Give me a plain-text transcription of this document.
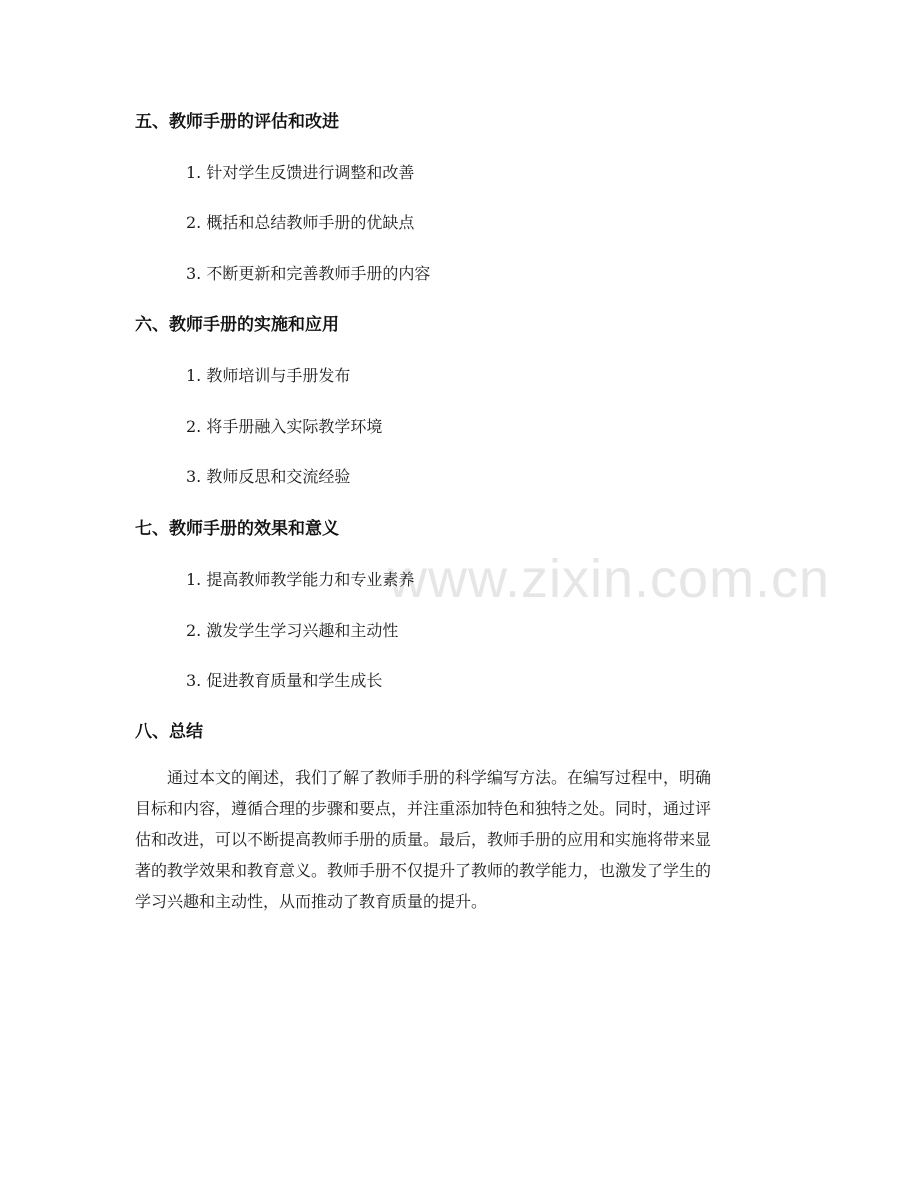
www.zixin.com.cn
五、教师手册的评估和改进
1. 针对学生反馈进行调整和改善
2. 概括和总结教师手册的优缺点
3. 不断更新和完善教师手册的内容
六、教师手册的实施和应用
1. 教师培训与手册发布
2. 将手册融入实际教学环境
3. 教师反思和交流经验
七、教师手册的效果和意义
1. 提高教师教学能力和专业素养
2. 激发学生学习兴趣和主动性
3. 促进教育质量和学生成长
八、总结
通过本文的阐述，我们了解了教师手册的科学编写方法。在编写过程中，明确
目标和内容，遵循合理的步骤和要点，并注重添加特色和独特之处。同时，通过评
估和改进，可以不断提高教师手册的质量。最后，教师手册的应用和实施将带来显
著的教学效果和教育意义。教师手册不仅提升了教师的教学能力，也激发了学生的
学习兴趣和主动性，从而推动了教育质量的提升。
